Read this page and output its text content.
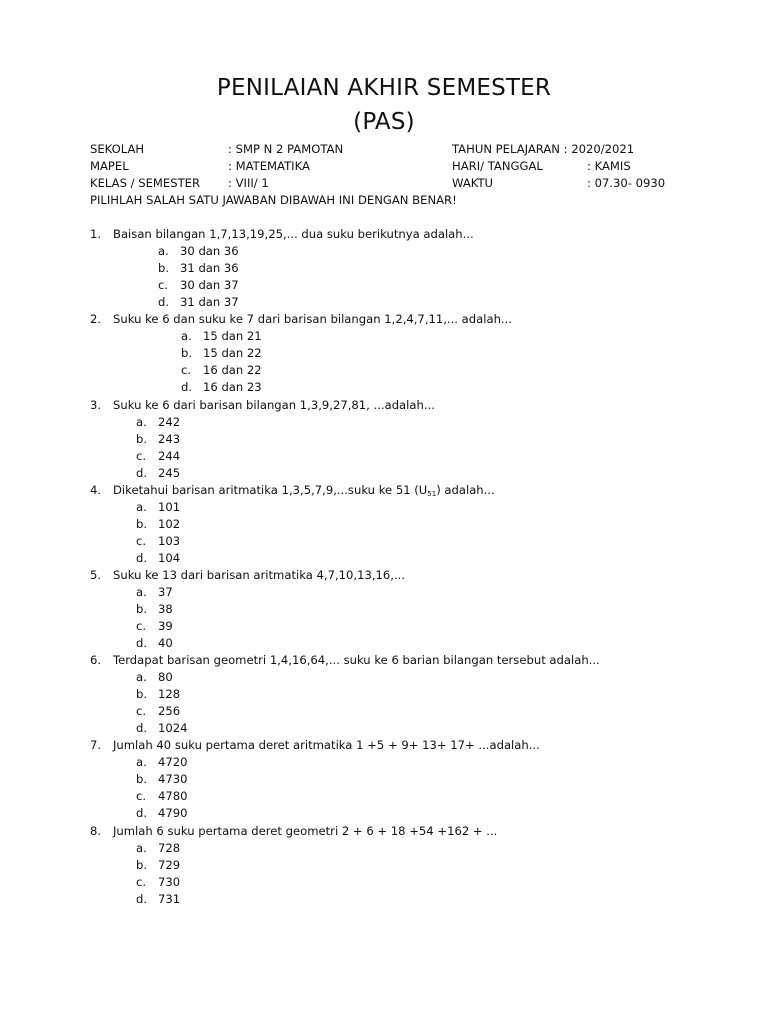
PENILAIAN AKHIR SEMESTER
(PAS)
SEKOLAH	: SMP N 2 PAMOTAN	TAHUN PELAJARAN : 2020/2021
MAPEL	: MATEMATIKA	HARI/ TANGGAL	: KAMIS
KELAS / SEMESTER : VIII/ 1	WAKTU	: 07.30- 0930
PILIHLAH SALAH SATU JAWABAN DIBAWAH INI DENGAN BENAR!
1. Baisan bilangan 1,7,13,19,25,... dua suku berikutnya adalah...
a. 30 dan 36
b. 31 dan 36
c. 30 dan 37
d. 31 dan 37
2. Suku ke 6 dan suku ke 7 dari barisan bilangan 1,2,4,7,11,... adalah...
a. 15 dan 21
b. 15 dan 22
c. 16 dan 22
d. 16 dan 23
3. Suku ke 6 dari barisan bilangan 1,3,9,27,81, ...adalah...
a. 242
b. 243
c. 244
d. 245
4. Diketahui barisan aritmatika 1,3,5,7,9,...suku ke 51 $(U_{51})$ adalah...
a. 101
b. 102
c. 103
d. 104
5. Suku ke 13 dari barisan aritmatika 4,7,10,13,16,...
a. 37
b. 38
c. 39
d. 40
6. Terdapat barisan geometri 1,4,16,64,... suku ke 6 barian bilangan tersebut adalah...
a. 80
b. 128
c. 256
d. 1024
7. Jumlah 40 suku pertama deret aritmatika 1 +5 + 9+ 13+ 17+ ...adalah...
a. 4720
b. 4730
c. 4780
d. 4790
8. Jumlah 6 suku pertama deret geometri 2 + 6 + 18 +54 +162 + ...
a. 728
b. 729
c. 730
d. 731
